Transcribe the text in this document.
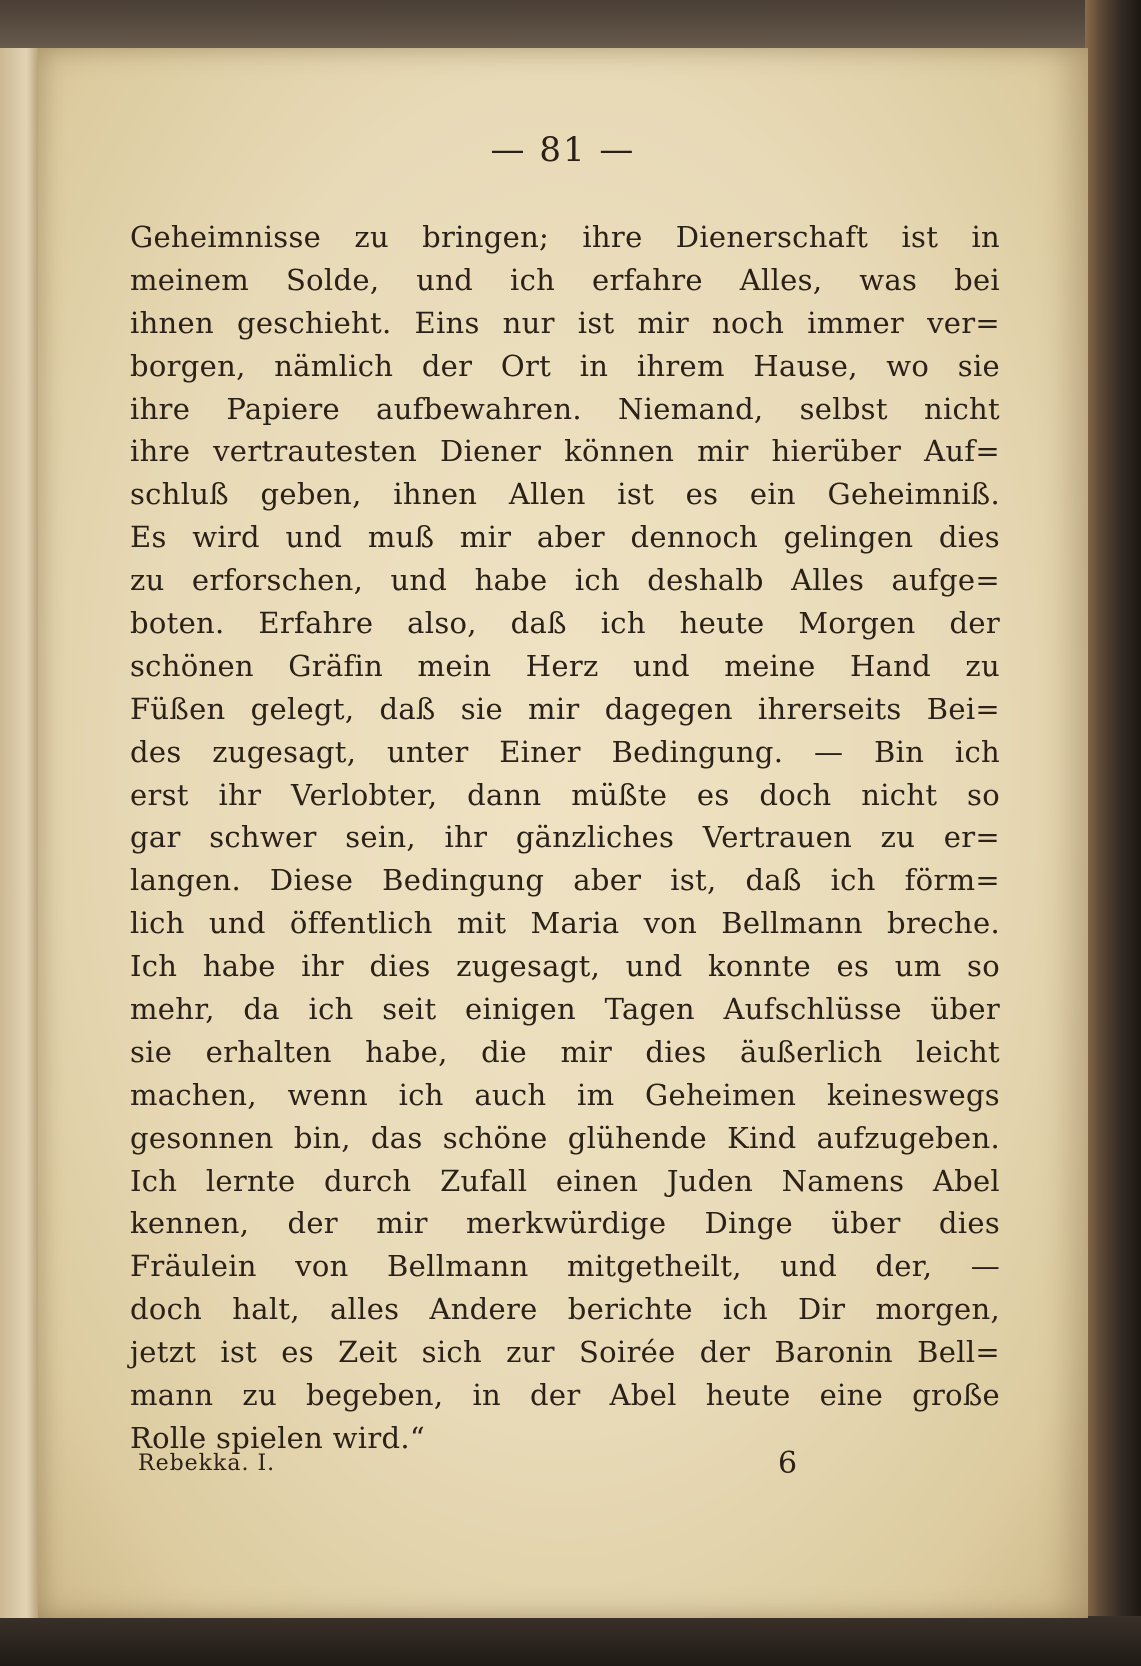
— 81 —
Geheimnisse zu bringen; ihre Dienerschaft ist in
meinem Solde, und ich erfahre Alles, was bei
ihnen geschieht. Eins nur ist mir noch immer ver=
borgen, nämlich der Ort in ihrem Hause, wo sie
ihre Papiere aufbewahren. Niemand, selbst nicht
ihre vertrautesten Diener können mir hierüber Auf=
schluß geben, ihnen Allen ist es ein Geheimniß.
Es wird und muß mir aber dennoch gelingen dies
zu erforschen, und habe ich deshalb Alles aufge=
boten. Erfahre also, daß ich heute Morgen der
schönen Gräfin mein Herz und meine Hand zu
Füßen gelegt, daß sie mir dagegen ihrerseits Bei=
des zugesagt, unter Einer Bedingung. — Bin ich
erst ihr Verlobter, dann müßte es doch nicht so
gar schwer sein, ihr gänzliches Vertrauen zu er=
langen. Diese Bedingung aber ist, daß ich förm=
lich und öffentlich mit Maria von Bellmann breche.
Ich habe ihr dies zugesagt, und konnte es um so
mehr, da ich seit einigen Tagen Aufschlüsse über
sie erhalten habe, die mir dies äußerlich leicht
machen, wenn ich auch im Geheimen keineswegs
gesonnen bin, das schöne glühende Kind aufzugeben.
Ich lernte durch Zufall einen Juden Namens Abel
kennen, der mir merkwürdige Dinge über dies
Fräulein von Bellmann mitgetheilt, und der, —
doch halt, alles Andere berichte ich Dir morgen,
jetzt ist es Zeit sich zur Soirée der Baronin Bell=
mann zu begeben, in der Abel heute eine große
Rolle spielen wird.“
Rebekka. I.	6
